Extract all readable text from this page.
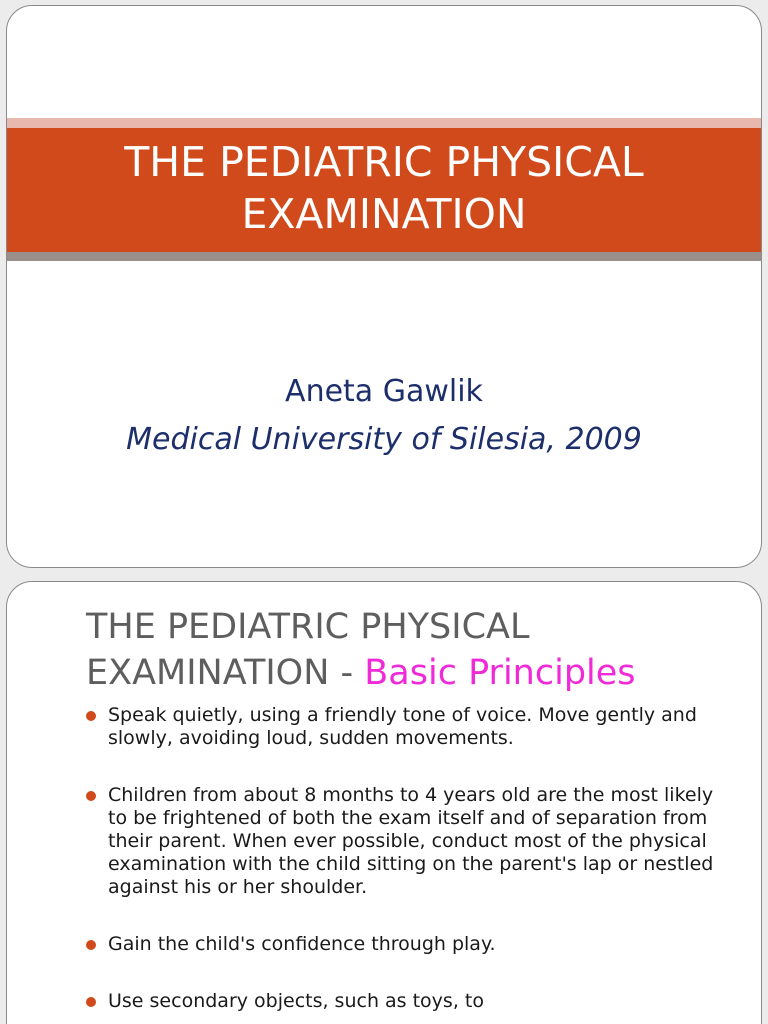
THE PEDIATRIC PHYSICAL
EXAMINATION
Aneta Gawlik
Medical University of Silesia, 2009
THE PEDIATRIC PHYSICAL
EXAMINATION - Basic Principles
Speak quietly, using a friendly tone of voice. Move gently and slowly, avoiding loud, sudden movements.
Children from about 8 months to 4 years old are the most likely to be frightened of both the exam itself and of separation from their parent. When ever possible, conduct most of the physical examination with the child sitting on the parent's lap or nestled against his or her shoulder.
Gain the child's confidence through play.
Use secondary objects, such as toys, to
